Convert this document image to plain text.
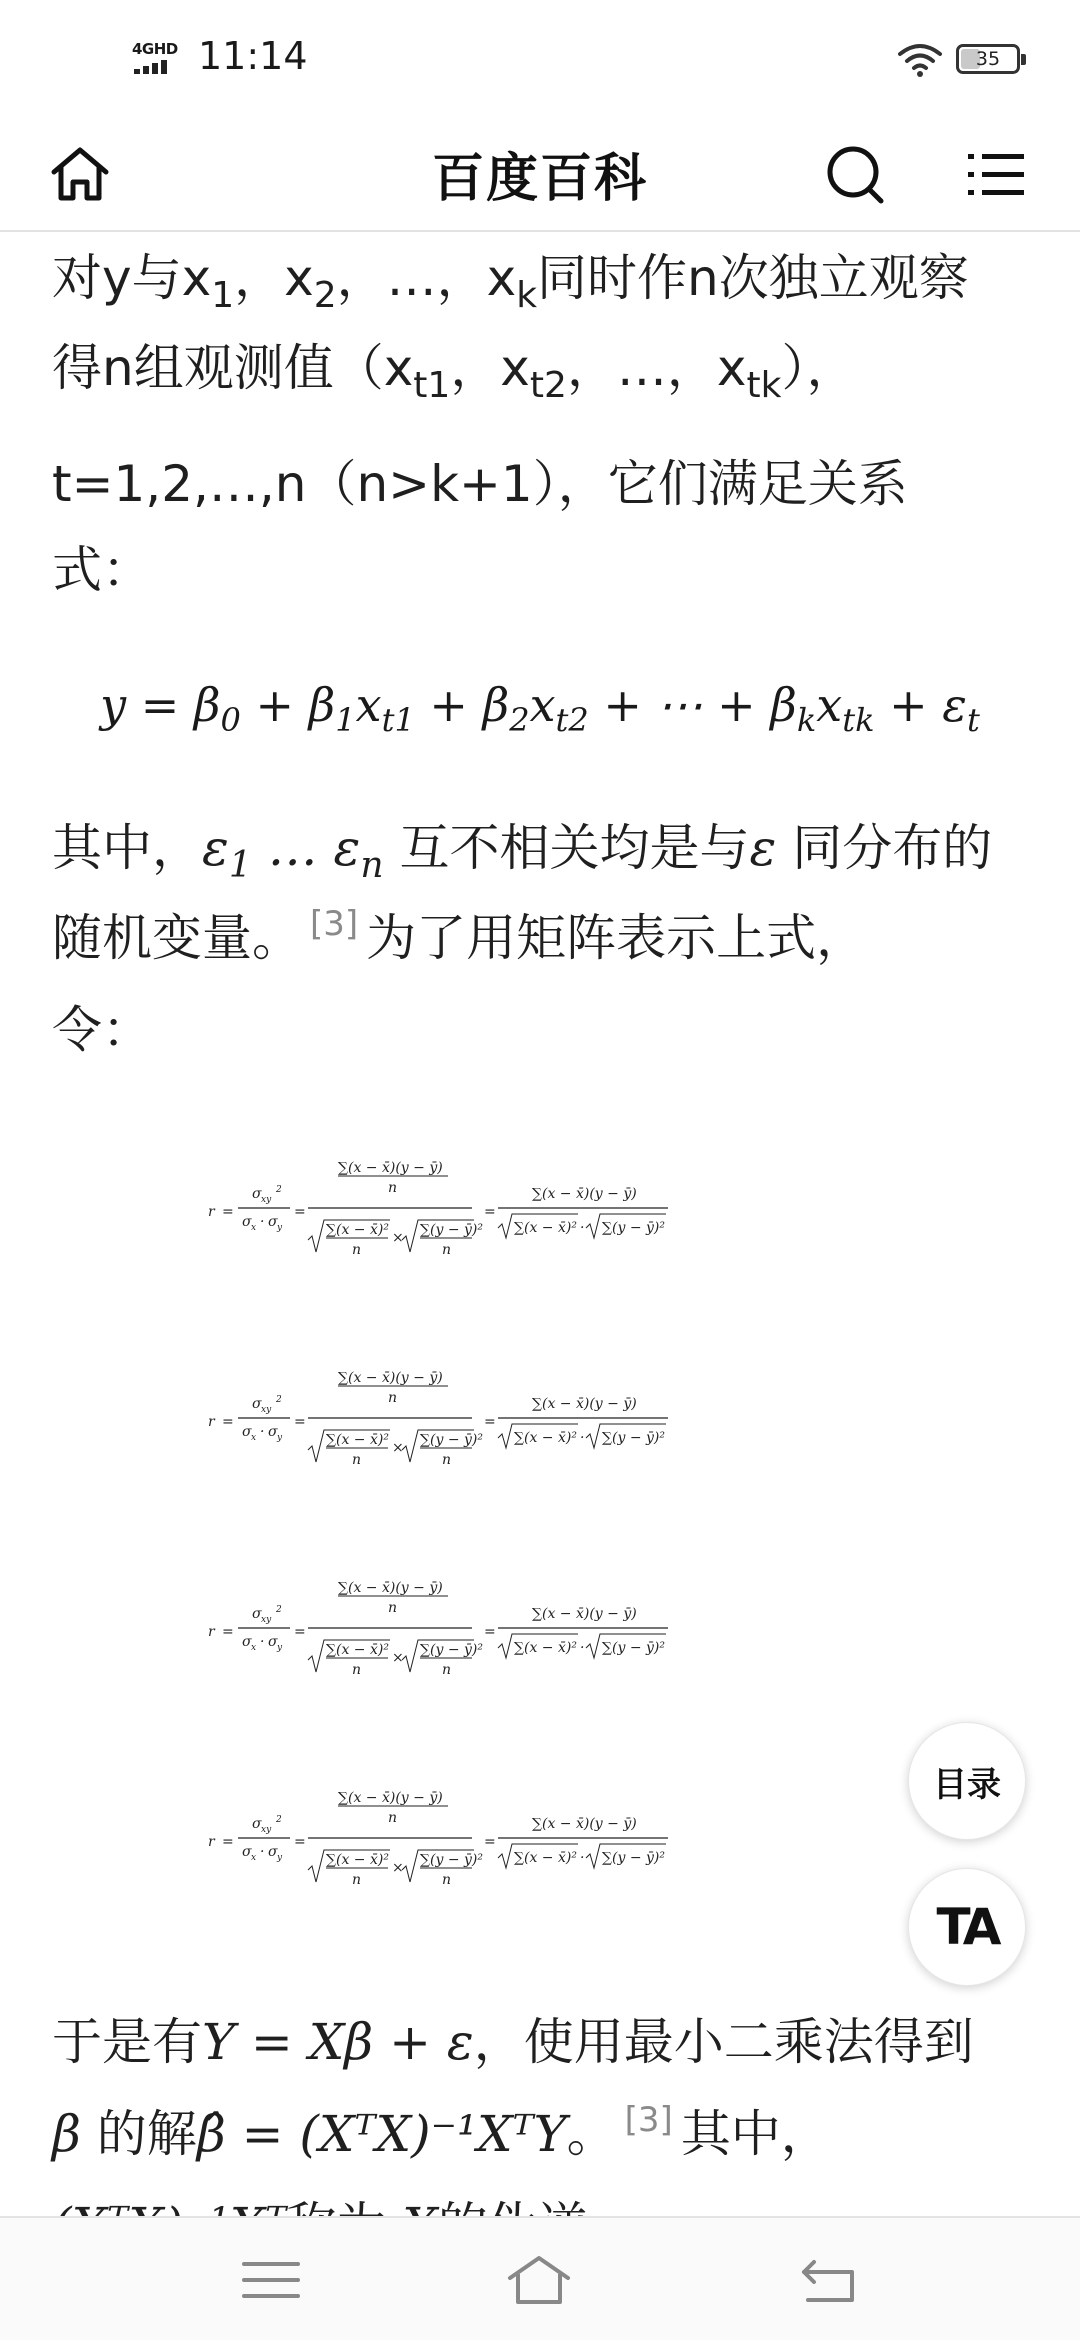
4GHD 11:14	35
百度百科
对y与$x_1$，$x_2$，…，$x_k$同时作n次独立观察
得n组观测值（$x_{t1}$，$x_{t2}$，…，$x_{tk}$），
t=1,2,…,n（n>k+1），它们满足关系
式：
$y = \beta_0 + \beta_1x_{t1} + \beta_2x_{t2}$ + ⋯ + $\beta_kx_{tk} + \varepsilon_t$
其中，$\varepsilon_1$ … $\varepsilon_n$ 互不相关均是与ε 同分布的
随机变量。 [3] 为了用矩阵表示上式，
令：
r =
σ xy
2
σ x · σ y
=
∑(x − x̄)(y − ȳ)
n
∑(x − x̄)²
n
× ∑(y − ȳ)²
n
=
∑(x − x̄)(y − ȳ)
∑(x − x̄)² · ∑(y − ȳ)²
r =
σ xy
2
σ x · σ y
=
∑(x − x̄)(y − ȳ)
n
∑(x − x̄)²
n
× ∑(y − ȳ)²
n
=
∑(x − x̄)(y − ȳ)
∑(x − x̄)² · ∑(y − ȳ)²
r =
σ xy
2
σ x · σ y
=
∑(x − x̄)(y − ȳ)
n
∑(x − x̄)²
n
× ∑(y − ȳ)²
n
=
∑(x − x̄)(y − ȳ)
∑(x − x̄)² · ∑(y − ȳ)²
r =
σ xy
2
σ x · σ y
=
∑(x − x̄)(y − ȳ)
n
∑(x − x̄)²
n
× ∑(y − ȳ)²
n
=
∑(x − x̄)(y − ȳ)
∑(x − x̄)² · ∑(y − ȳ)²
于是有Y = Xβ + ε，使用最小二乘法得到
β 的解β̂ = (XᵀX)⁻¹XᵀY。 [3] 其中，
目录
TA
